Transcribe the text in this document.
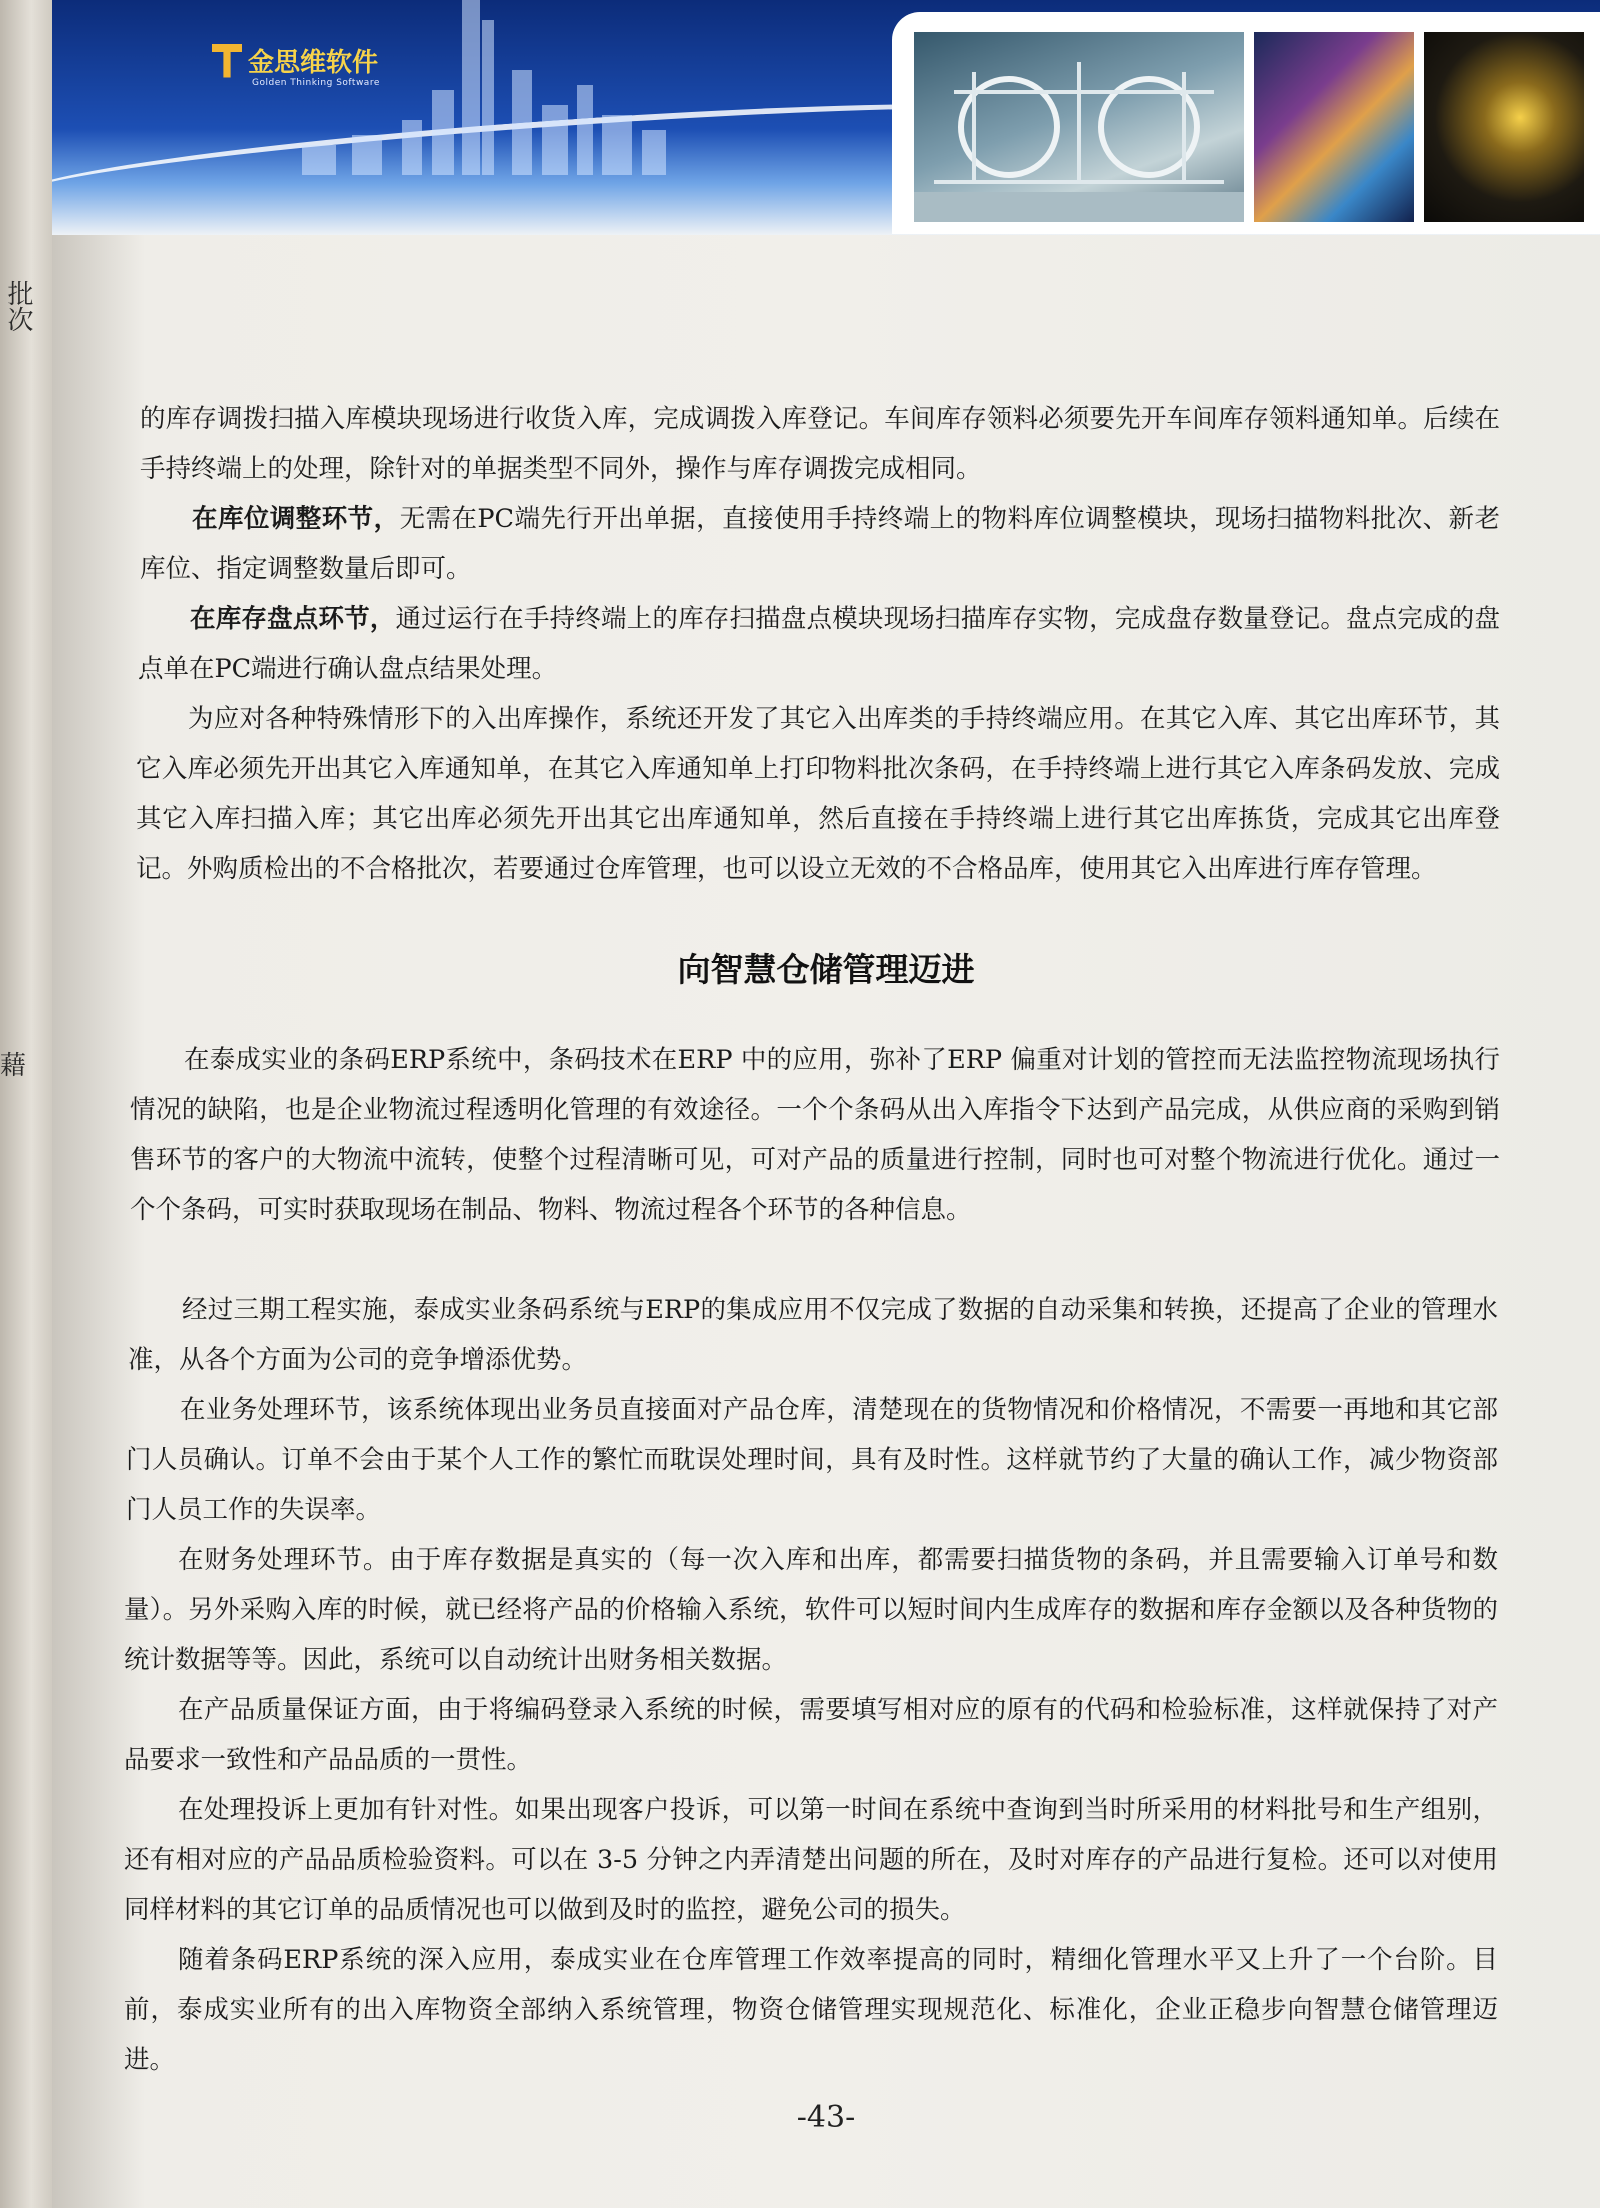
批次
藉
金思维软件
Golden Thinking Software

的库存调拨扫描入库模块现场进行收货入库，完成调拨入库登记。车间库存领料必须要先开车间库存领料通知单。后续在手持终端上的处理，除针对的单据类型不同外，操作与库存调拨完成相同。

在库位调整环节，无需在PC端先行开出单据，直接使用手持终端上的物料库位调整模块，现场扫描物料批次、新老库位、指定调整数量后即可。

在库存盘点环节，通过运行在手持终端上的库存扫描盘点模块现场扫描库存实物，完成盘存数量登记。盘点完成的盘点单在PC端进行确认盘点结果处理。

为应对各种特殊情形下的入出库操作，系统还开发了其它入出库类的手持终端应用。在其它入库、其它出库环节，其它入库必须先开出其它入库通知单，在其它入库通知单上打印物料批次条码，在手持终端上进行其它入库条码发放、完成其它入库扫描入库；其它出库必须先开出其它出库通知单，然后直接在手持终端上进行其它出库拣货，完成其它出库登记。外购质检出的不合格批次，若要通过仓库管理，也可以设立无效的不合格品库，使用其它入出库进行库存管理。

向智慧仓储管理迈进

在泰成实业的条码ERP系统中，条码技术在ERP 中的应用，弥补了ERP 偏重对计划的管控而无法监控物流现场执行情况的缺陷，也是企业物流过程透明化管理的有效途径。一个个条码从出入库指令下达到产品完成，从供应商的采购到销售环节的客户的大物流中流转，使整个过程清晰可见，可对产品的质量进行控制，同时也可对整个物流进行优化。通过一个个条码，可实时获取现场在制品、物料、物流过程各个环节的各种信息。

经过三期工程实施，泰成实业条码系统与ERP的集成应用不仅完成了数据的自动采集和转换，还提高了企业的管理水准，从各个方面为公司的竞争增添优势。

在业务处理环节，该系统体现出业务员直接面对产品仓库，清楚现在的货物情况和价格情况，不需要一再地和其它部门人员确认。订单不会由于某个人工作的繁忙而耽误处理时间，具有及时性。这样就节约了大量的确认工作，减少物资部门人员工作的失误率。

在财务处理环节。由于库存数据是真实的（每一次入库和出库，都需要扫描货物的条码，并且需要输入订单号和数量）。另外采购入库的时候，就已经将产品的价格输入系统，软件可以短时间内生成库存的数据和库存金额以及各种货物的统计数据等等。因此，系统可以自动统计出财务相关数据。

在产品质量保证方面，由于将编码登录入系统的时候，需要填写相对应的原有的代码和检验标准，这样就保持了对产品要求一致性和产品品质的一贯性。

在处理投诉上更加有针对性。如果出现客户投诉，可以第一时间在系统中查询到当时所采用的材料批号和生产组别，还有相对应的产品品质检验资料。可以在 3-5 分钟之内弄清楚出问题的所在，及时对库存的产品进行复检。还可以对使用同样材料的其它订单的品质情况也可以做到及时的监控，避免公司的损失。

随着条码ERP系统的深入应用，泰成实业在仓库管理工作效率提高的同时，精细化管理水平又上升了一个台阶。目前，泰成实业所有的出入库物资全部纳入系统管理，物资仓储管理实现规范化、标准化，企业正稳步向智慧仓储管理迈进。

-43-
